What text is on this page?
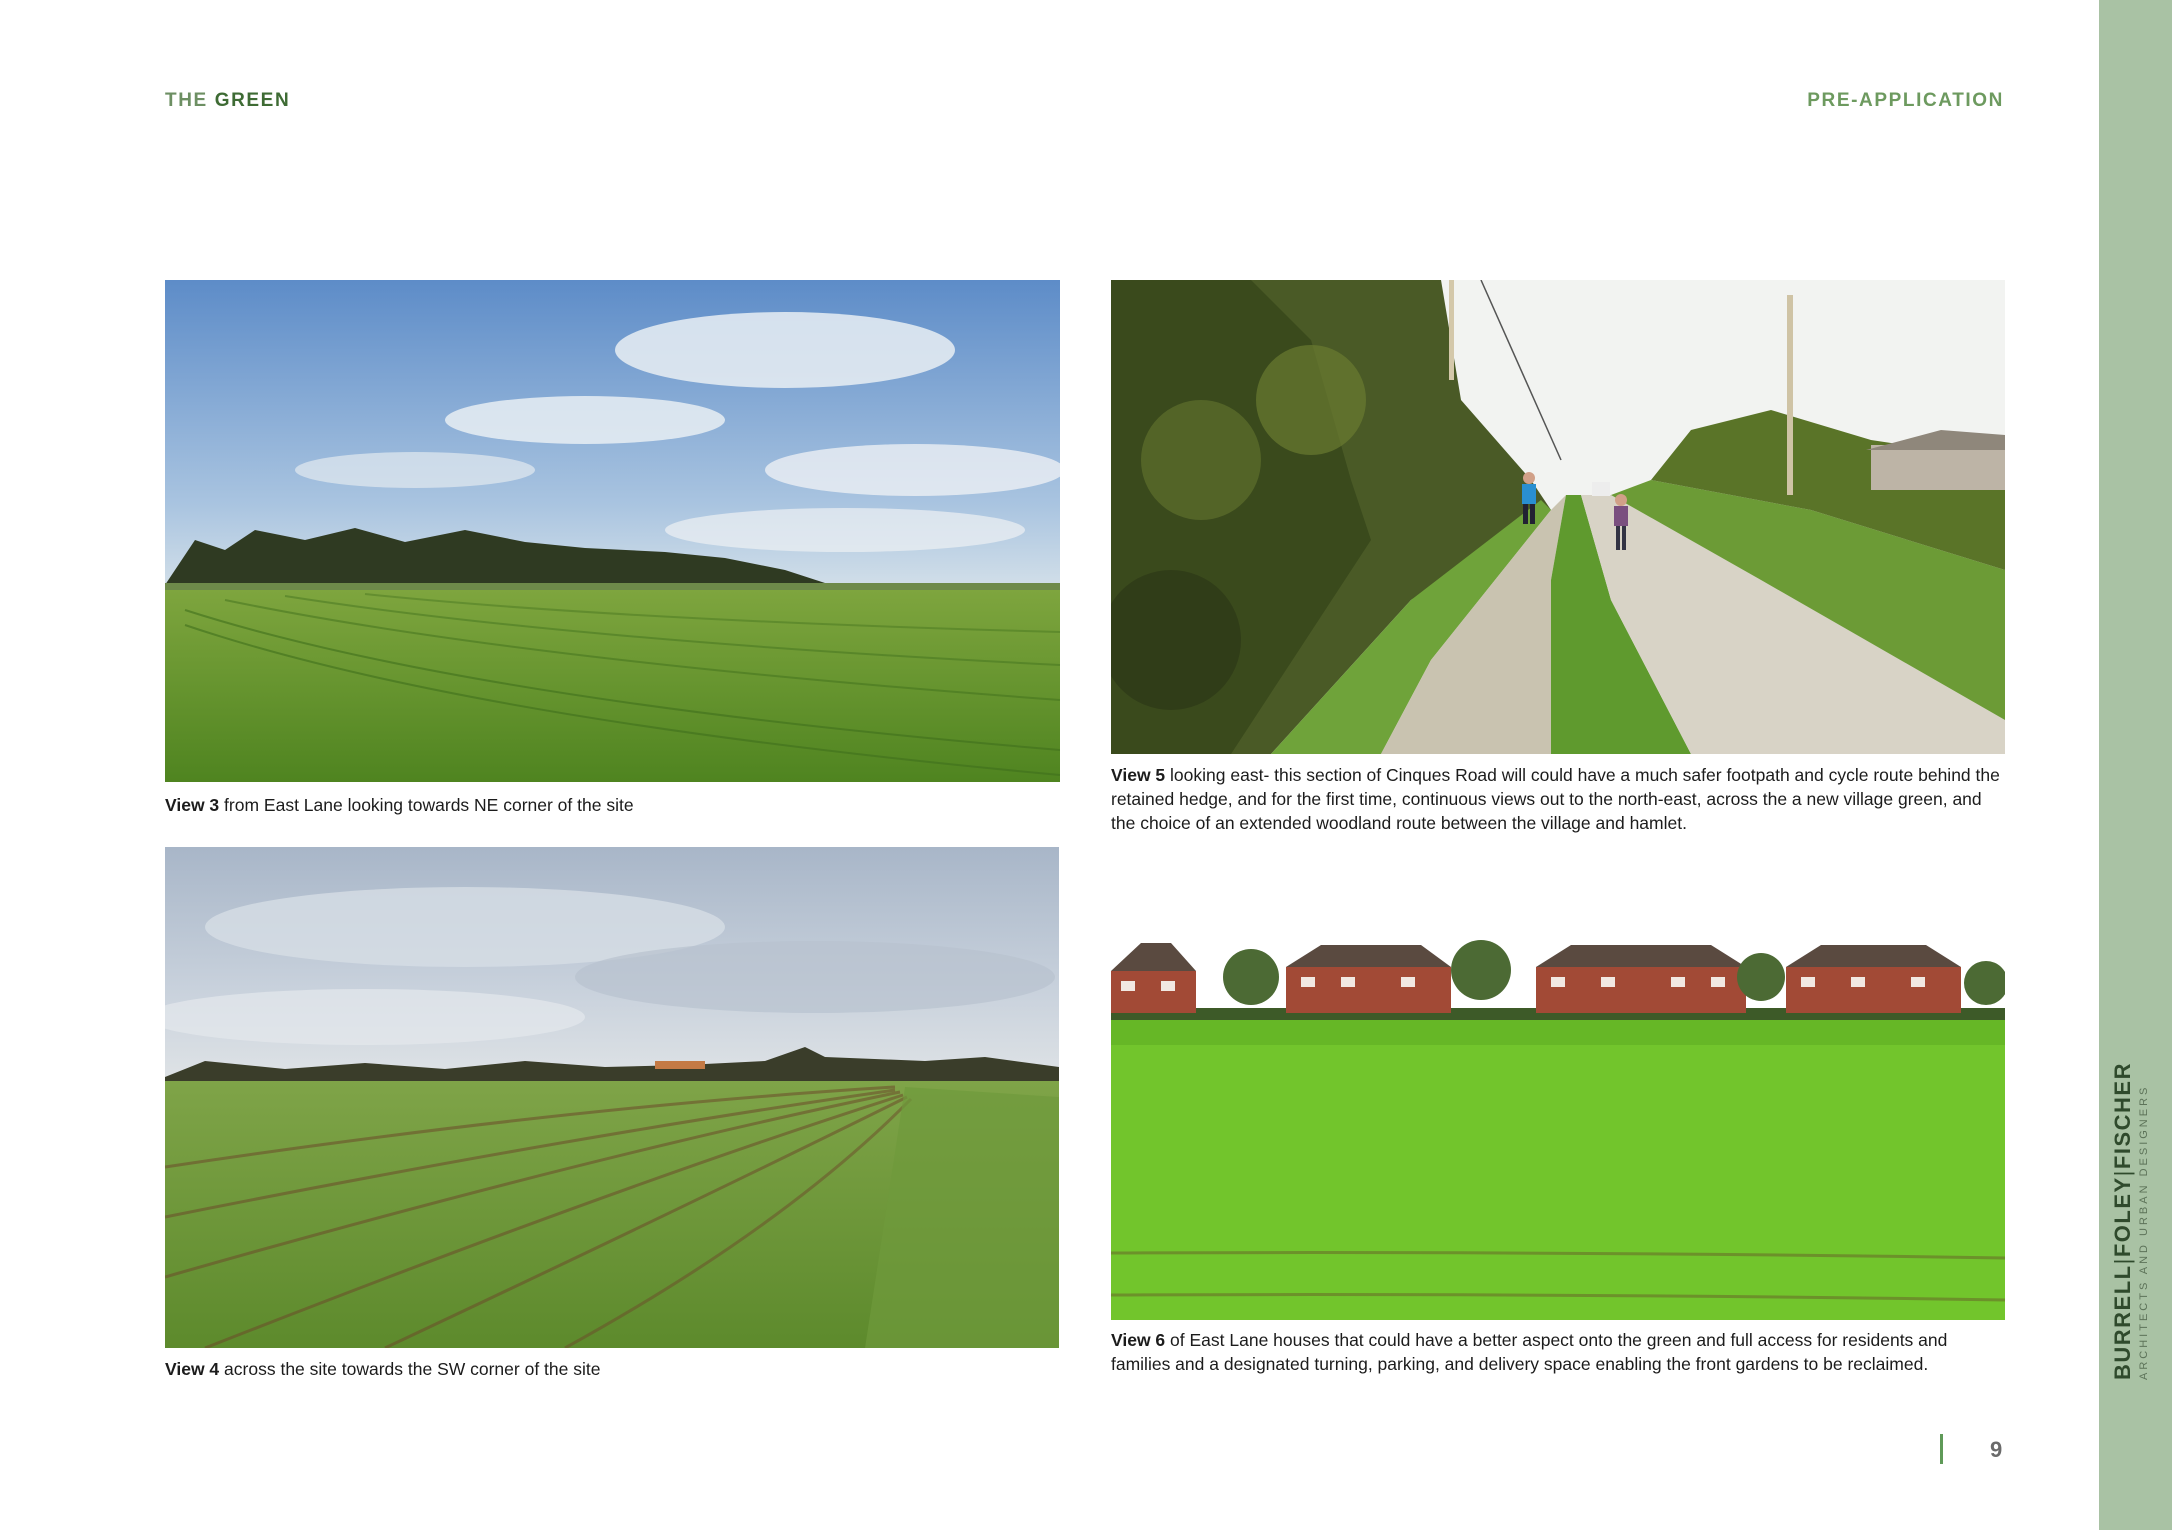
THE GREEN	PRE-APPLICATION
View 3 from East Lane looking towards NE corner of the site
View 5 looking east- this section of Cinques Road will could have a much safer footpath and cycle route behind the retained hedge, and for the first time, continuous views out to the north-east, across the a new village green, and the choice of an extended woodland route between the village and hamlet.
View 4 across the site towards the SW corner of the site
View 6 of East Lane houses that could have a better aspect onto the green and full access for residents and families and a designated turning, parking, and delivery space enabling the front gardens to be reclaimed.	BURRELL|FOLEY|FISCHER ARCHITECTS AND URBAN DESIGNERS
9
